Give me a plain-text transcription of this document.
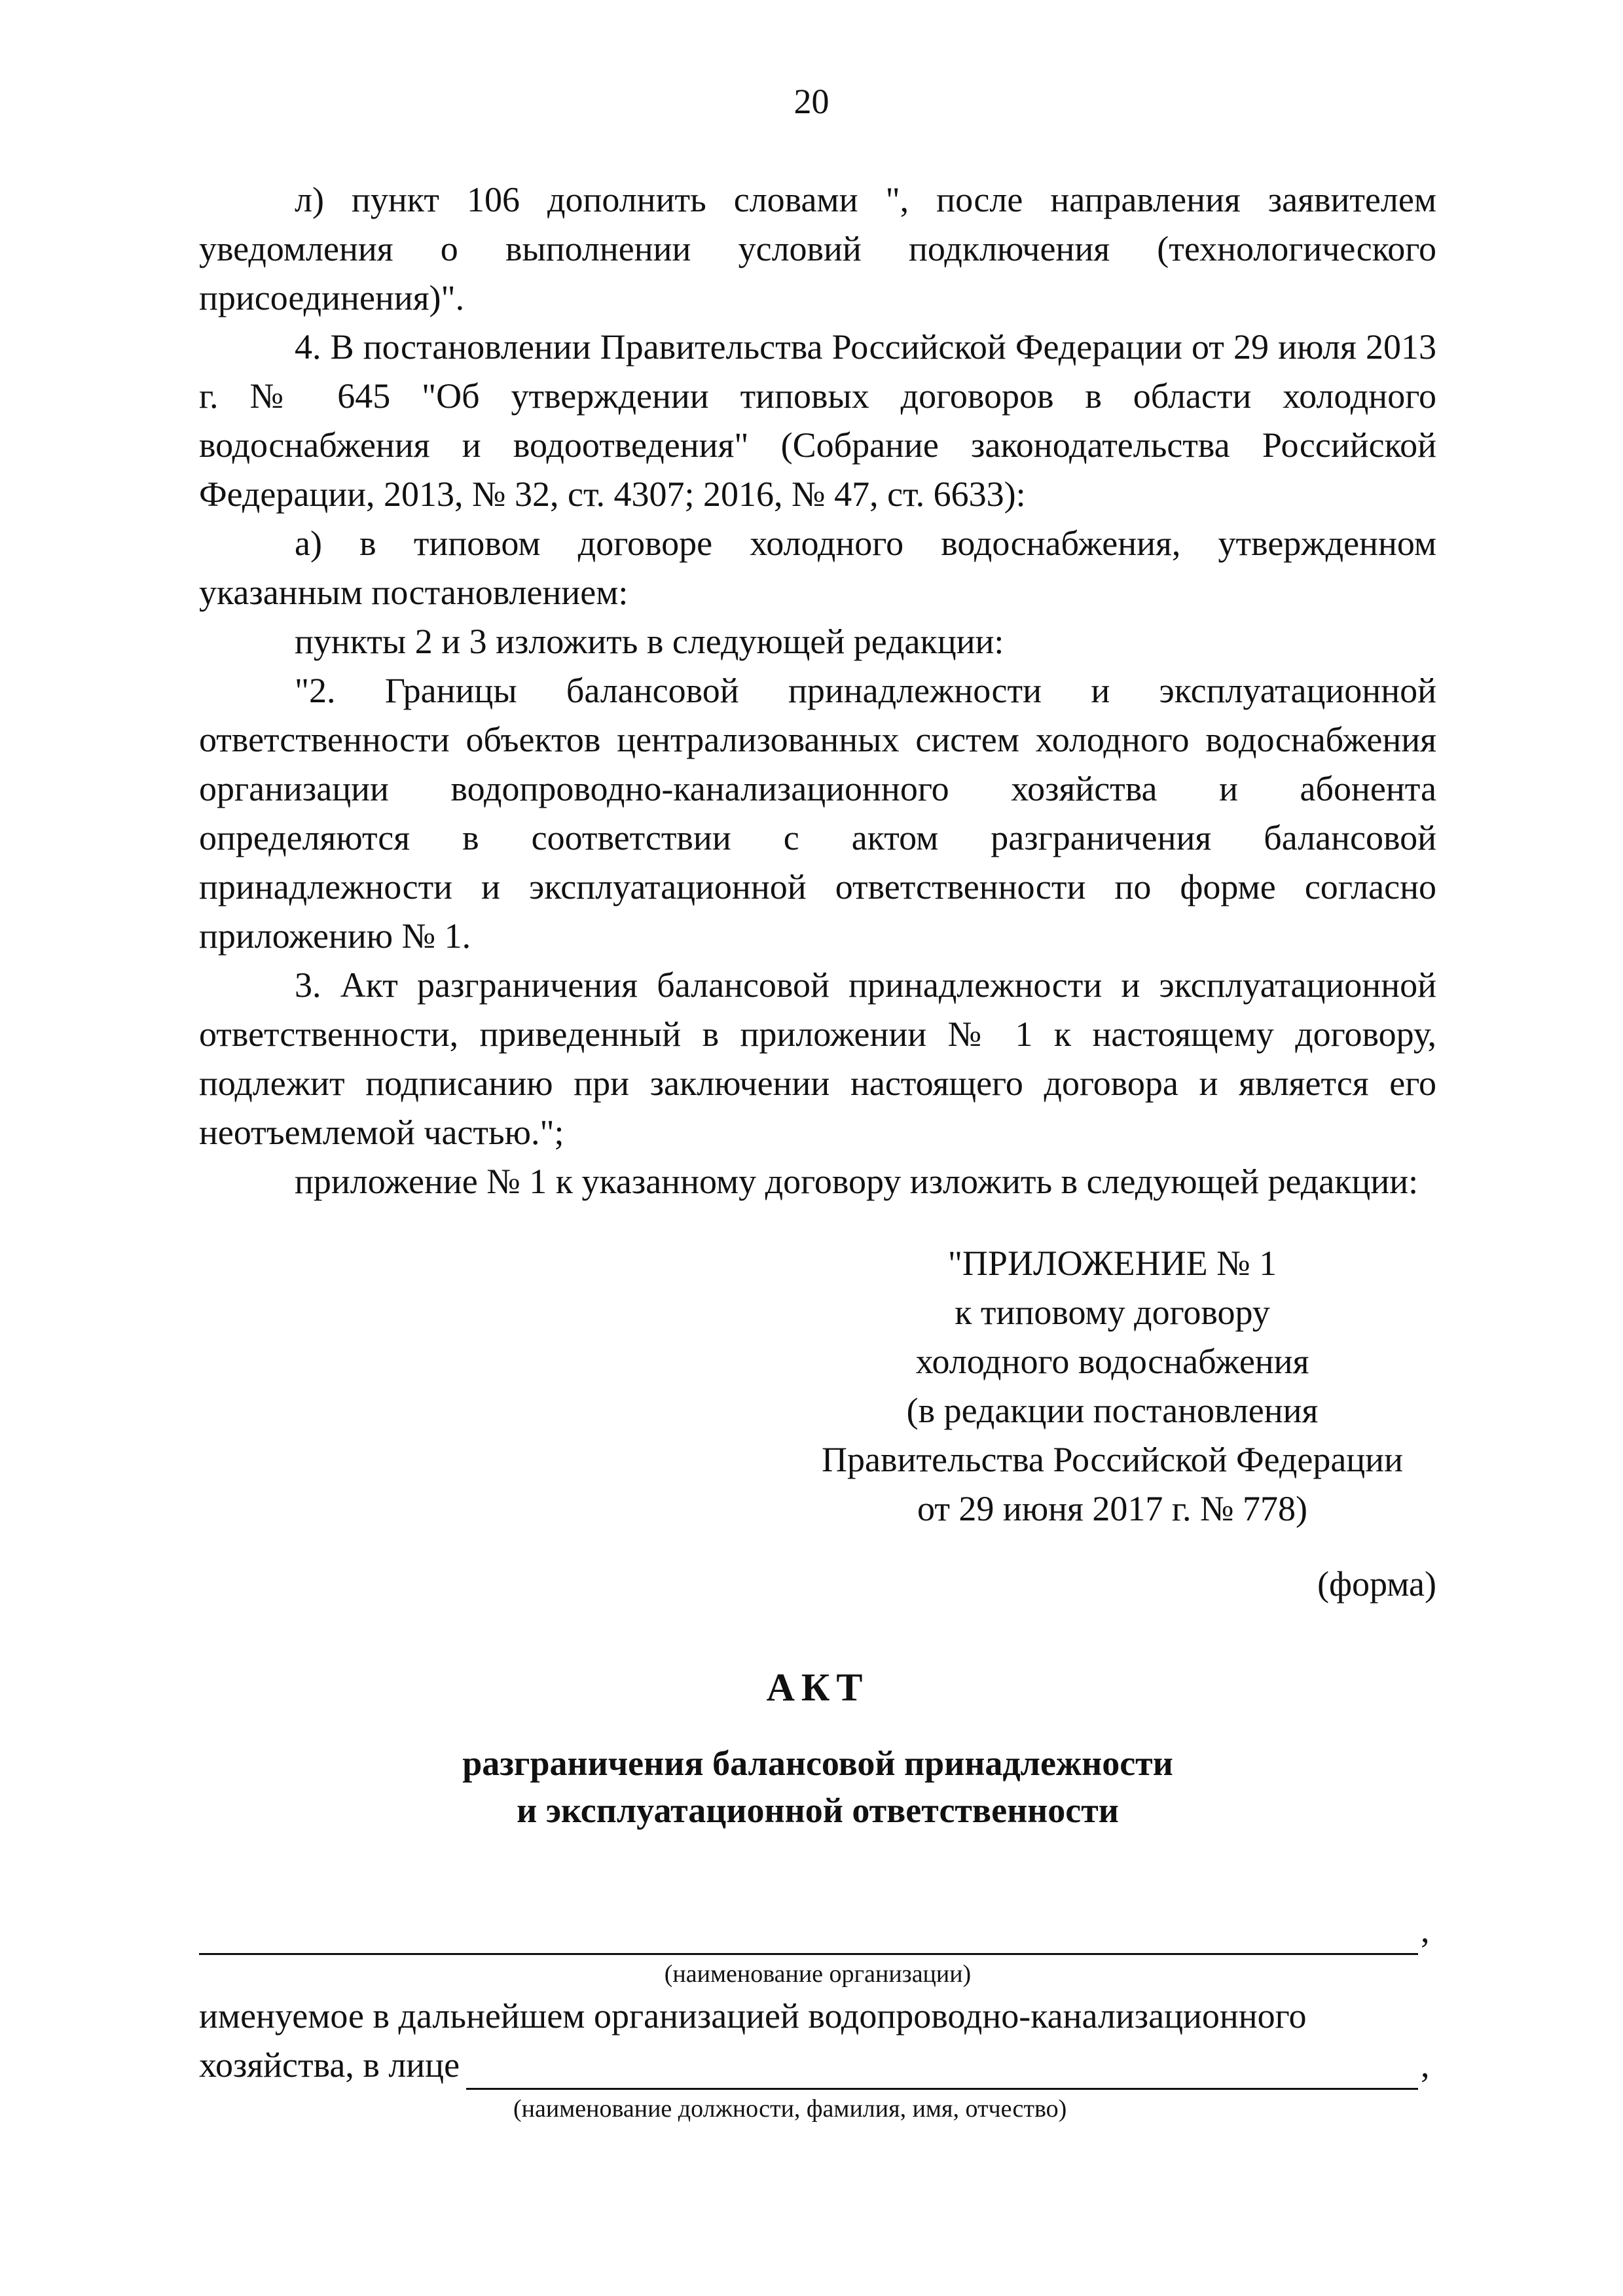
20

л) пункт 106 дополнить словами ", после направления заявителем уведомления о выполнении условий подключения (технологического присоединения)".

4. В постановлении Правительства Российской Федерации от 29 июля 2013 г. № 645 "Об утверждении типовых договоров в области холодного водоснабжения и водоотведения" (Собрание законодательства Российской Федерации, 2013, № 32, ст. 4307; 2016, № 47, ст. 6633):

а) в типовом договоре холодного водоснабжения, утвержденном указанным постановлением:

пункты 2 и 3 изложить в следующей редакции:

"2. Границы балансовой принадлежности и эксплуатационной ответственности объектов централизованных систем холодного водоснабжения организации водопроводно-канализационного хозяйства и абонента определяются в соответствии с актом разграничения балансовой принадлежности и эксплуатационной ответственности по форме согласно приложению № 1.

3. Акт разграничения балансовой принадлежности и эксплуатационной ответственности, приведенный в приложении № 1 к настоящему договору, подлежит подписанию при заключении настоящего договора и является его неотъемлемой частью.";

приложение № 1 к указанному договору изложить в следующей редакции:

"ПРИЛОЖЕНИЕ № 1
к типовому договору
холодного водоснабжения
(в редакции постановления
Правительства Российской Федерации
от 29 июня 2017 г. № 778)
(форма)
АКТ
разграничения балансовой принадлежности
и эксплуатационной ответственности
,
(наименование организации)

именуемое в дальнейшем организацией водопроводно-канализационного

хозяйства, в лице	,
(наименование должности, фамилия, имя, отчество)
